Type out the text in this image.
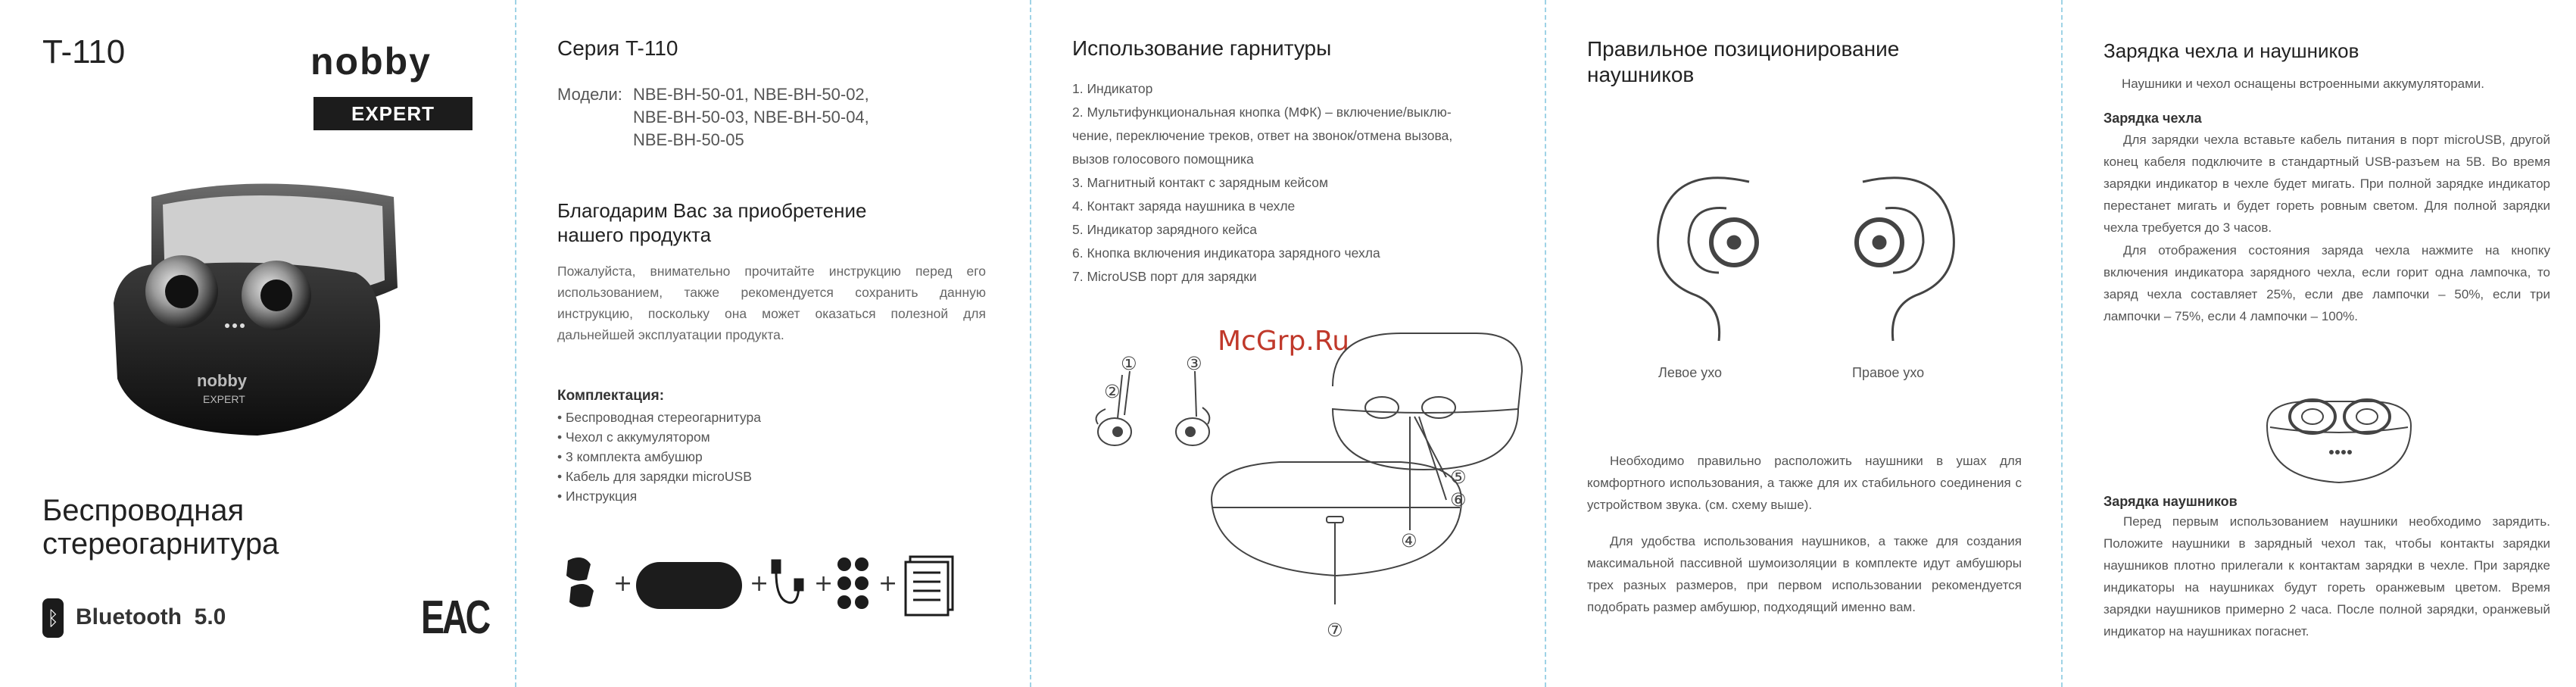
T-110	nobby
EXPERT
nobby
EXPERT
Беспроводная
стереогарнитура
ᛒ Bluetooth  5.0	EAC
Серия T-110
Модели: NBE-BH-50-01, NBE-BH-50-02,
NBE-BH-50-03, NBE-BH-50-04,
NBE-BH-50-05
Благодарим Вас за приобретение
нашего продукта
Пожалуйста, внимательно прочитайте инструкцию перед его использованием, также рекомендуется сохранить данную инструкцию, поскольку она может оказаться полезной для дальнейшей эксплуатации продукта.
Комплектация:
• Беспроводная стереогарнитура
• Чехол с аккумулятором
• 3 комплекта амбушюр
• Кабель для зарядки microUSB
• Инструкция
+	+ + +
Использование гарнитуры
1. Индикатор
2. Мультифункциональная кнопка (МФК) – включение/выклю-
чение, переключение треков, ответ на звонок/отмена вызова,
вызов голосового помощника
3. Магнитный контакт с зарядным кейсом
4. Контакт заряда наушника в чехле
5. Индикатор зарядного кейса
6. Кнопка включения индикатора зарядного чехла
7. MicroUSB порт для зарядки
McGrp.Ru
①
②
③
④
⑤
⑥
⑦
Правильное позиционирование
наушников
Левое ухо	Правое ухо
Необходимо правильно расположить наушники в ушах для комфортного использования, а также для их стабильного соединения с устройством звука. (см. схему выше).
Для удобства использования наушников, а также для создания максимальной пассивной шумоизоляции в комплекте идут амбушюры трех разных размеров, при первом использовании рекомендуется подобрать размер амбушюр, подходящий именно вам.
Зарядка чехла и наушников
Наушники и чехол оснащены встроенными аккумуляторами.
Зарядка чехла
Для зарядки чехла вставьте кабель питания в порт microUSB, другой конец кабеля подключите в стандартный USB-разъем на 5В. Во время зарядки индикатор в чехле будет мигать. При полной зарядке индикатор перестанет мигать и будет гореть ровным светом. Для полной зарядки чехла требуется до 3 часов.
Для отображения состояния заряда чехла нажмите на кнопку включения индикатора зарядного чехла, если горит одна лампочка, то заряд чехла составляет 25%, если две лампочки – 50%, если три лампочки – 75%, если 4 лампочки – 100%.
Зарядка наушников
Перед первым использованием наушники необходимо зарядить. Положите наушники в зарядный чехол так, чтобы контакты зарядки наушников плотно прилегали к контактам зарядки в чехле. При зарядке индикаторы на наушниках будут гореть оранжевым цветом. Время зарядки наушников примерно 2 часа. После полной зарядки, оранжевый индикатор на наушниках погаснет.
